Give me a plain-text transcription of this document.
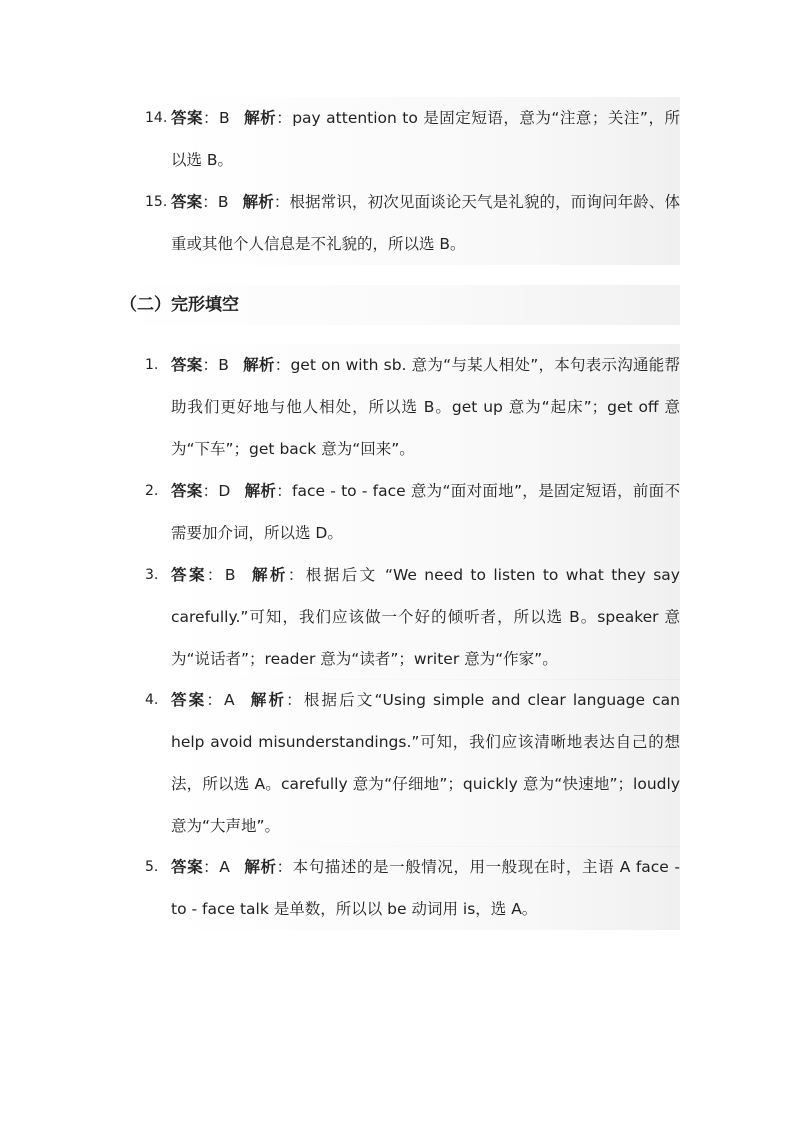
14. 答案：B 解析：pay attention to 是固定短语，意为“注意；关注”，所以选 B。
15. 答案：B 解析：根据常识，初次见面谈论天气是礼貌的，而询问年龄、体重或其他个人信息是不礼貌的，所以选 B。
（二）完形填空
1. 答案：B 解析：get on with sb. 意为“与某人相处”，本句表示沟通能帮助我们更好地与他人相处，所以选 B。get up 意为“起床”；get off 意为“下车”；get back 意为“回来”。
2. 答案：D 解析：face - to - face 意为“面对面地”，是固定短语，前面不需要加介词，所以选 D。
3. 答案：B 解析：根据后文 “We need to listen to what they say carefully.”可知，我们应该做一个好的倾听者，所以选 B。speaker 意为“说话者”；reader 意为“读者”；writer 意为“作家”。
4. 答案：A 解析：根据后文“Using simple and clear language can help avoid misunderstandings.”可知，我们应该清晰地表达自己的想法，所以选 A。carefully 意为“仔细地”；quickly 意为“快速地”；loudly 意为“大声地”。
5. 答案：A 解析：本句描述的是一般情况，用一般现在时，主语 A face - to - face talk 是单数，所以以 be 动词用 is，选 A。
